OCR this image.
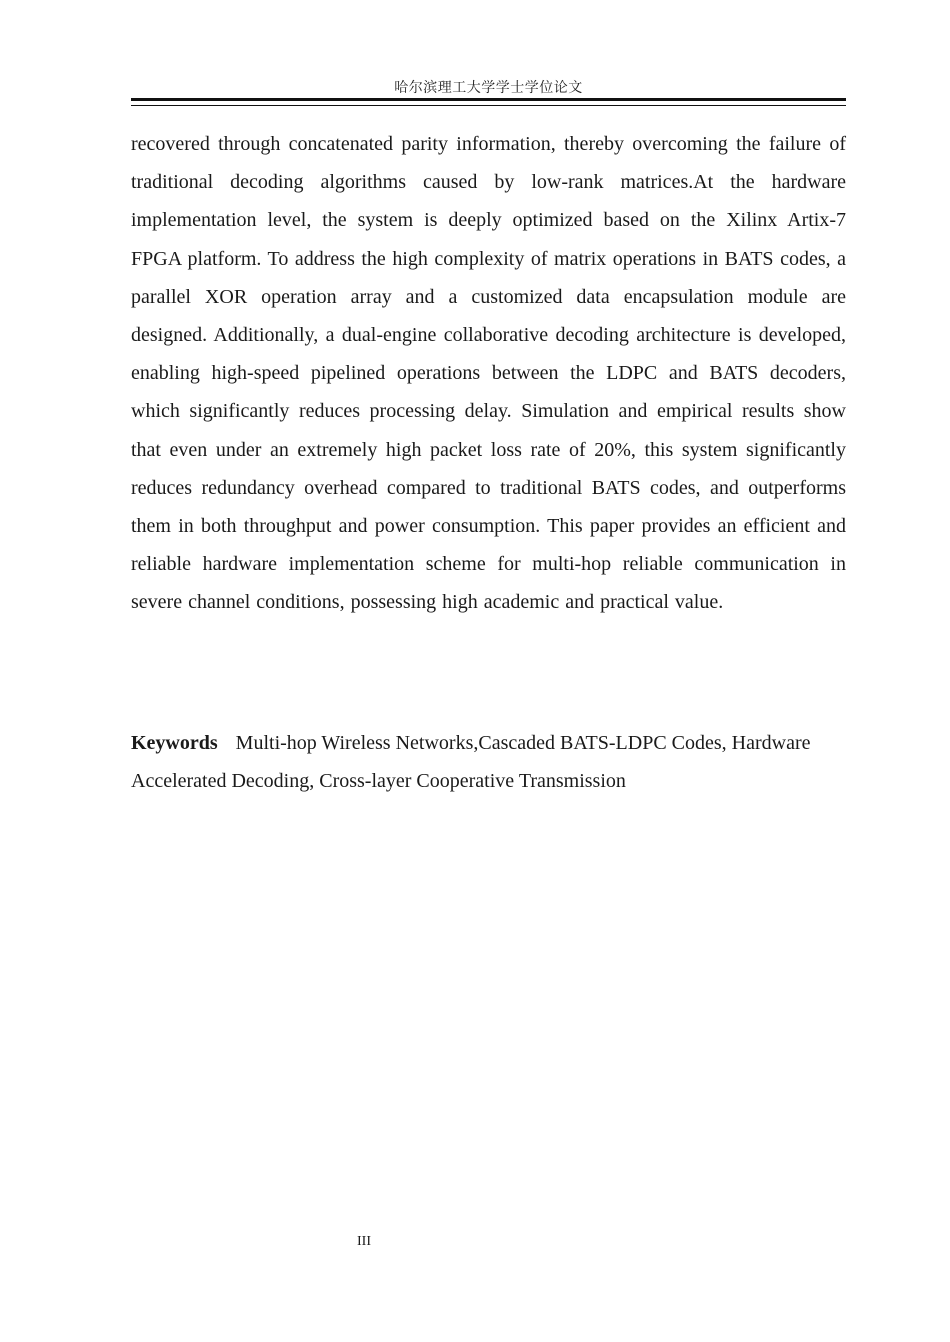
哈尔滨理工大学学士学位论文

recovered through concatenated parity information, thereby overcoming the failure of traditional decoding algorithms caused by low-rank matrices.At the hardware implementation level, the system is deeply optimized based on the Xilinx Artix-7 FPGA platform. To address the high complexity of matrix operations in BATS codes, a parallel XOR operation array and a customized data encapsulation module are designed. Additionally, a dual-engine collaborative decoding architecture is developed, enabling high-speed pipelined operations between the LDPC and BATS decoders, which significantly reduces processing delay. Simulation and empirical results show that even under an extremely high packet loss rate of 20%, this system significantly reduces redundancy overhead compared to traditional BATS codes, and outperforms them in both throughput and power consumption. This paper provides an efficient and reliable hardware implementation scheme for multi-hop reliable communication in severe channel conditions, possessing high academic and practical value.

Keywords Multi-hop Wireless Networks,Cascaded BATS-LDPC Codes, Hardware Accelerated Decoding, Cross-layer Cooperative Transmission

III
